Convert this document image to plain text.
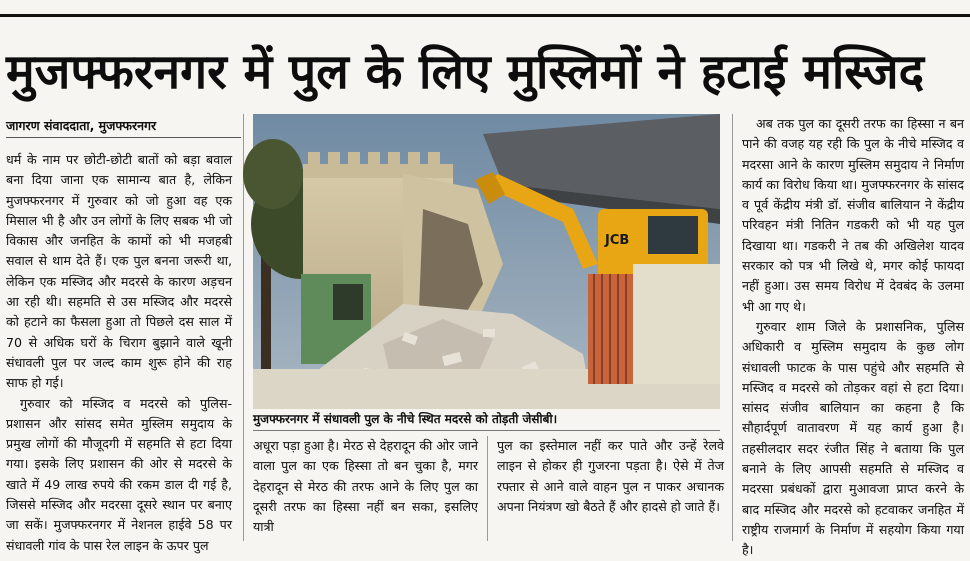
मुजफ्फरनगर में पुल के लिए मुस्लिमों ने हटाई मस्जिद
जागरण संवाददाता, मुजफ्फरनगर

धर्म के नाम पर छोटी-छोटी बातों को बड़ा बवाल बना दिया जाना एक सामान्य बात है, लेकिन मुजफ्फरनगर में गुरुवार को जो हुआ वह एक मिसाल भी है और उन लोगों के लिए सबक भी जो विकास और जनहित के कामों को भी मजहबी सवाल से थाम देते हैं। एक पुल बनना जरूरी था, लेकिन एक मस्जिद और मदरसे के कारण अड़चन आ रही थी। सहमति से उस मस्जिद और मदरसे को हटाने का फैसला हुआ तो पिछले दस साल में 70 से अधिक घरों के चिराग बुझाने वाले खूनी संधावली पुल पर जल्द काम शुरू होने की राह साफ हो गई।

गुरुवार को मस्जिद व मदरसे को पुलिस-प्रशासन और सांसद समेत मुस्लिम समुदाय के प्रमुख लोगों की मौजूदगी में सहमति से हटा दिया गया। इसके लिए प्रशासन की ओर से मदरसे के खाते में 49 लाख रुपये की रकम डाल दी गई है, जिससे मस्जिद और मदरसा दूसरे स्थान पर बनाए जा सकें। मुजफ्फरनगर में नेशनल हाईवे 58 पर संधावली गांव के पास रेल लाइन के ऊपर पुल

JCB
मुजफ्फरनगर में संधावली पुल के नीचे स्थित मदरसे को तोड़ती जेसीबी।

अधूरा पड़ा हुआ है। मेरठ से देहरादून की ओर जाने वाला पुल का एक हिस्सा तो बन चुका है, मगर देहरादून से मेरठ की तरफ आने के लिए पुल का दूसरी तरफ का हिस्सा नहीं बन सका, इसलिए यात्री

पुल का इस्तेमाल नहीं कर पाते और उन्हें रेलवे लाइन से होकर ही गुजरना पड़ता है। ऐसे में तेज रफ्तार से आने वाले वाहन पुल न पाकर अचानक अपना नियंत्रण खो बैठते हैं और हादसे हो जाते हैं।

अब तक पुल का दूसरी तरफ का हिस्सा न बन पाने की वजह यह रही कि पुल के नीचे मस्जिद व मदरसा आने के कारण मुस्लिम समुदाय ने निर्माण कार्य का विरोध किया था। मुजफ्फरनगर के सांसद व पूर्व केंद्रीय मंत्री डॉ. संजीव बालियान ने केंद्रीय परिवहन मंत्री नितिन गडकरी को भी यह पुल दिखाया था। गडकरी ने तब की अखिलेश यादव सरकार को पत्र भी लिखे थे, मगर कोई फायदा नहीं हुआ। उस समय विरोध में देवबंद के उलमा भी आ गए थे।

गुरुवार शाम जिले के प्रशासनिक, पुलिस अधिकारी व मुस्लिम समुदाय के कुछ लोग संधावली फाटक के पास पहुंचे और सहमति से मस्जिद व मदरसे को तोड़कर वहां से हटा दिया। सांसद संजीव बालियान का कहना है कि सौहार्दपूर्ण वातावरण में यह कार्य हुआ है। तहसीलदार सदर रंजीत सिंह ने बताया कि पुल बनाने के लिए आपसी सहमति से मस्जिद व मदरसा प्रबंधकों द्वारा मुआवजा प्राप्त करने के बाद मस्जिद और मदरसे को हटवाकर जनहित में राष्ट्रीय राजमार्ग के निर्माण में सहयोग किया गया है।
